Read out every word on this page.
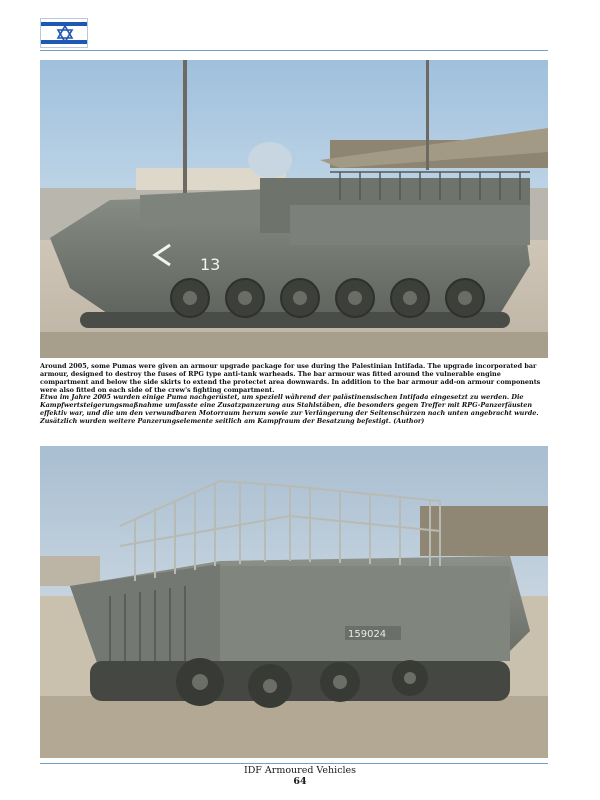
13

Around 2005, some Pumas were given an armour upgrade package for use during the Palestinian Intifada. The upgrade incorporated bar armour, designed to destroy the fuses of RPG type anti-tank warheads. The bar armour was fitted around the vulnerable engine compartment and below the side skirts to extend the protectet area downwards. In addition to the bar armour add-on armour components were also fitted on each side of the crew's fighting compartment.

Etwa im Jahre 2005 wurden einige Puma nachgerüstet, um speziell während der palästinensischen Intifada eingesetzt zu werden. Die Kampfwertsteigerungsmaßnahme umfasste eine Zusatzpanzerung aus Stahlstäben, die besonders gegen Treffer mit RPG-Panzerfäusten effektiv war, und die um den verwundbaren Motorraum herum sowie zur Verlängerung der Seitenschürzen nach unten angebracht wurde. Zusätzlich wurden weitere Panzerungselemente seitlich am Kampfraum der Besatzung befestigt. (Author)

159024
IDF Armoured Vehicles
64
